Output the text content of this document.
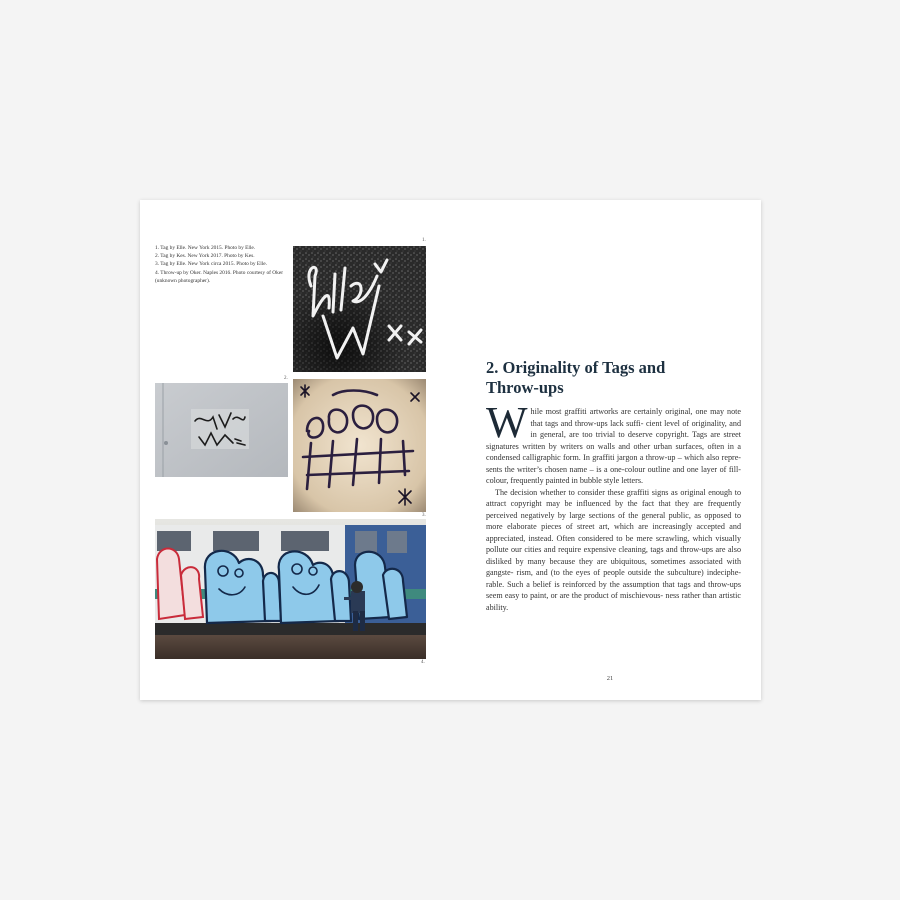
1. Tag by Elle. New York 2015. Photo by Elle.

2. Tag by Kes. New York 2017. Photo by Kes.

3. Tag by Elle. New York circa 2015. Photo by Elle.

4. Throw-up by Oker. Naples 2016. Photo courtesy of Oker (unknown photographer).

1.
2.
3.
4.
2. Originality of Tags and
Throw-ups

While most graffiti artworks are certainly original, one may note that tags and throw-ups lack suffi- cient level of originality, and in general, are too trivial to deserve copyright. Tags are street signatures written by writers on walls and other urban surfaces, often in a condensed calligraphic form. In graffiti jargon a throw-up – which also repre- sents the writer’s chosen name – is a one-colour outline and one layer of fill-colour, frequently painted in bubble style letters.

The decision whether to consider these graffiti signs as original enough to attract copyright may be influenced by the fact that they are frequently perceived negatively by large sections of the general public, as opposed to more elaborate pieces of street art, which are increasingly accepted and appreciated, instead. Often considered to be mere scrawling, which visually pollute our cities and require expensive cleaning, tags and throw-ups are also disliked by many because they are ubiquitous, sometimes associated with gangste- rism, and (to the eyes of people outside the subculture) indeciphe- rable. Such a belief is reinforced by the assumption that tags and throw-ups seem easy to paint, or are the product of mischievous- ness rather than artistic ability.

21
